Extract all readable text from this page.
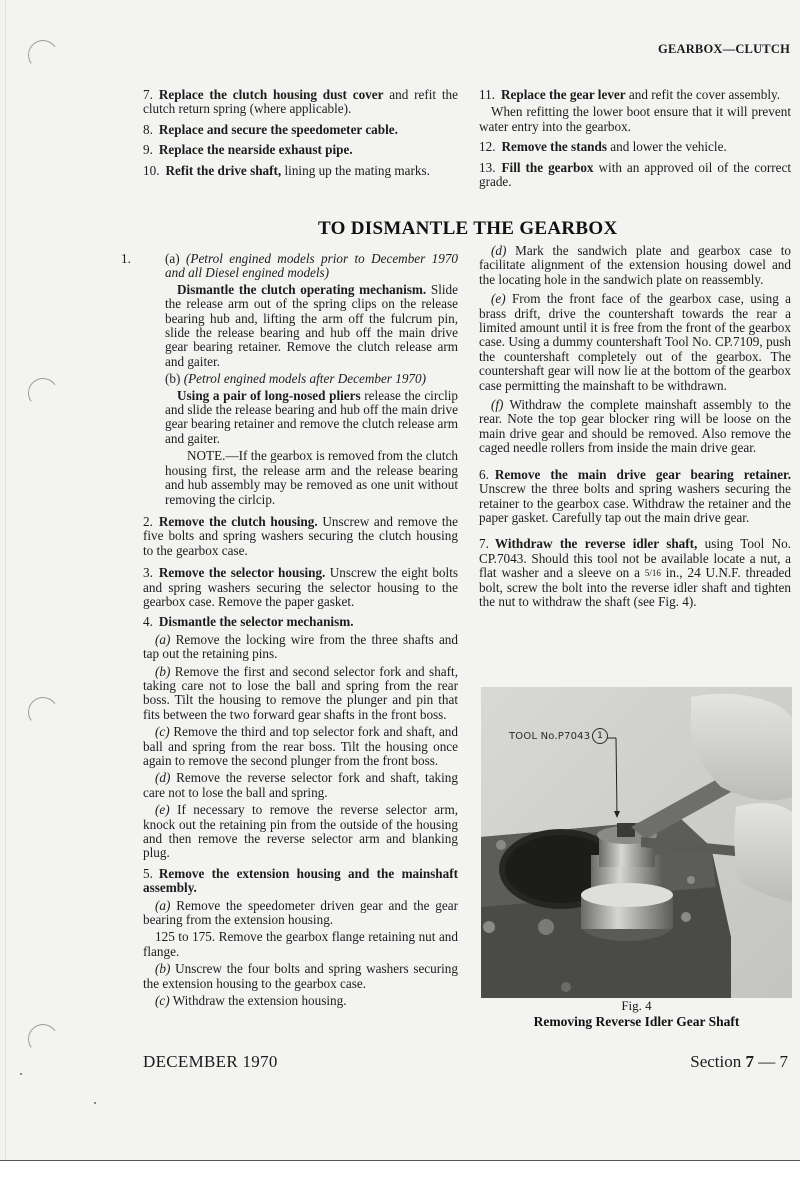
GEARBOX—CLUTCH

7. Replace the clutch housing dust cover and refit the clutch return spring (where applicable).

8. Replace and secure the speedometer cable.

9. Replace the nearside exhaust pipe.

10. Refit the drive shaft, lining up the mating marks.

11. Replace the gear lever and refit the cover assembly.

When refitting the lower boot ensure that it will prevent water entry into the gearbox.

12. Remove the stands and lower the vehicle.

13. Fill the gearbox with an approved oil of the correct grade.

TO DISMANTLE THE GEARBOX

1.	(a) (Petrol engined models prior to December 1970 and all Diesel engined models)

Dismantle the clutch operating mechanism. Slide the release arm out of the spring clips on the release bearing hub and, lifting the arm off the fulcrum pin, slide the release bearing and hub off the main drive gear bearing retainer. Remove the clutch release arm and gaiter.

(b) (Petrol engined models after December 1970)

Using a pair of long-nosed pliers release the circlip and slide the release bearing and hub off the main drive gear bearing retainer and remove the clutch release arm and gaiter.

NOTE.—If the gearbox is removed from the clutch housing first, the release arm and the release bearing and hub assembly may be removed as one unit without removing the cirlcip.

2. Remove the clutch housing. Unscrew and remove the five bolts and spring washers securing the clutch housing to the gearbox case.

3. Remove the selector housing. Unscrew the eight bolts and spring washers securing the selector housing to the gearbox case. Remove the paper gasket.

4. Dismantle the selector mechanism.

(a) Remove the locking wire from the three shafts and tap out the retaining pins.

(b) Remove the first and second selector fork and shaft, taking care not to lose the ball and spring from the rear boss. Tilt the housing to remove the plunger and pin that fits between the two forward gear shafts in the front boss.

(c) Remove the third and top selector fork and shaft, and ball and spring from the rear boss. Tilt the housing once again to remove the second plunger from the front boss.

(d) Remove the reverse selector fork and shaft, taking care not to lose the ball and spring.

(e) If necessary to remove the reverse selector arm, knock out the retaining pin from the outside of the housing and then remove the reverse selector arm and blanking plug.

5. Remove the extension housing and the mainshaft assembly.

(a) Remove the speedometer driven gear and the gear bearing from the extension housing.

125 to 175. Remove the gearbox flange retaining nut and flange.

(b) Unscrew the four bolts and spring washers securing the extension housing to the gearbox case.

(c) Withdraw the extension housing.

(d) Mark the sandwich plate and gearbox case to facilitate alignment of the extension housing dowel and the locating hole in the sandwich plate on reassembly.

(e) From the front face of the gearbox case, using a brass drift, drive the countershaft towards the rear a limited amount until it is free from the front of the gearbox case. Using a dummy countershaft Tool No. CP.7109, push the countershaft completely out of the gearbox. The countershaft gear will now lie at the bottom of the gearbox case permitting the mainshaft to be withdrawn.

(f) Withdraw the complete mainshaft assembly to the rear. Note the top gear blocker ring will be loose on the main drive gear and should be removed. Also remove the caged needle rollers from inside the main drive gear.

6. Remove the main drive gear bearing retainer. Unscrew the three bolts and spring washers securing the retainer to the gearbox case. Withdraw the retainer and the paper gasket. Carefully tap out the main drive gear.

7. Withdraw the reverse idler shaft, using Tool No. CP.7043. Should this tool not be available locate a nut, a flat washer and a sleeve on a 5/16 in., 24 U.N.F. threaded bolt, screw the bolt into the reverse idler shaft and tighten the nut to withdraw the shaft (see Fig. 4).

TOOL No.P7043 1
Fig. 4
Removing Reverse Idler Gear Shaft
DECEMBER 1970	Section 7 — 7
